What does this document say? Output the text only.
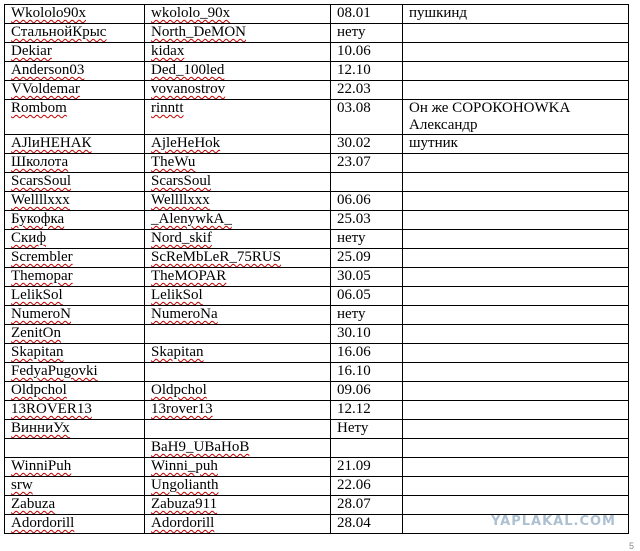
Wkololo90x	wkololo_90x	08.01	пушкинд
СтальнойКрыс	North_DeMON	нету	
Dekiar	kidax	10.06	
Anderson03	Ded_100led	12.10	
VVoldemar	vovanostrov	22.03	
Rombom	rinntt	03.08	Он же СОРОКОНОWKA Александр
АJlиНЕНАК	AjleHeHok	30.02	шутник
Школота	TheWu	23.07	
ScarsSoul	ScarsSoul		
Wellllxxx	Wellllxxx	06.06	
Букофка	_AlenywkA_	25.03	
Скиф	Nord_skif	нету	
Scrembler	ScReMbLeR_75RUS	25.09	
Themopar	TheMOPAR	30.05	
LelikSol	LelikSol	06.05	
NumeroN	NumeroNa	нету	
ZenitOn		30.10	
Skapitan	Skapitan	16.06	
FedyaPugovki		16.10	
Oldpchol	Oldpchol	09.06	
13ROVER13	13rover13	12.12	
ВинниУх		Нету	
	BaH9_UBaHoB		
WinniPuh	Winni_puh	21.09	
srw	Ungolianth	22.06	
Zabuza	Zabuza911	28.07	
Adordorill	Adordorill	28.04		YAPLAKAL.COM
5
